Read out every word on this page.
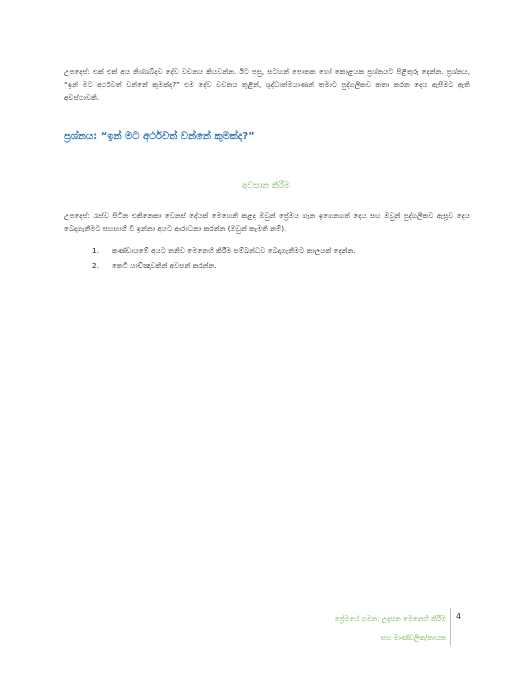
උපදෙස්: එක් එක් අය නිශ්ශබ්දව දේව වචනය කියවන්න. ඊට පසු, සටහන් පොතක හෝ කොළයක ප්‍රශ්නයට පිළිතුරු දෙන්න. ප්‍රශ්නය, “ඉන් මට අර්ථවත් වන්නේ කුමක්ද?” එම දේව වචනය තුළින්, ශුද්ධාත්මයාණන් තමාට පුද්ගලිකව කතා කරන දෙය ඇසීමට ඇති අවස්ථාවකි.

ප්‍රශ්නය: “ඉන් මට අර්ථවත් වන්නේ කුමක්ද?”

අවසාන කිරීම

උපදෙස්: රැස්ව සිටින එකිනෙකා වෙනස් දේයක් මෙහෙනි කළද ඔවුන් ප්‍රේමය ගැන ඉගෙනගත් දෙය සහ ඔවුන් පුද්ගලිකව ඇසූව දෙය බෙදාගැනීමට සහභාගී වී ඉන්නා අයට ආරාධනා කරන්න (ඔවුන් කැමති නම්).

1.	කණ්ඩායමේ අයට තනිව මෙනෙහි කිරීම සම්බන්ධව බෙදාගැනීමට කාලයක් දෙන්න.
2.	කෙටි යාච්ඤාවකින් අවසන් කරන්න.
ප්‍රේමයේ ගමන: උදැසන මෙනෙහි කිරීම
සහ මාණ්ඩලික/නායක
4
